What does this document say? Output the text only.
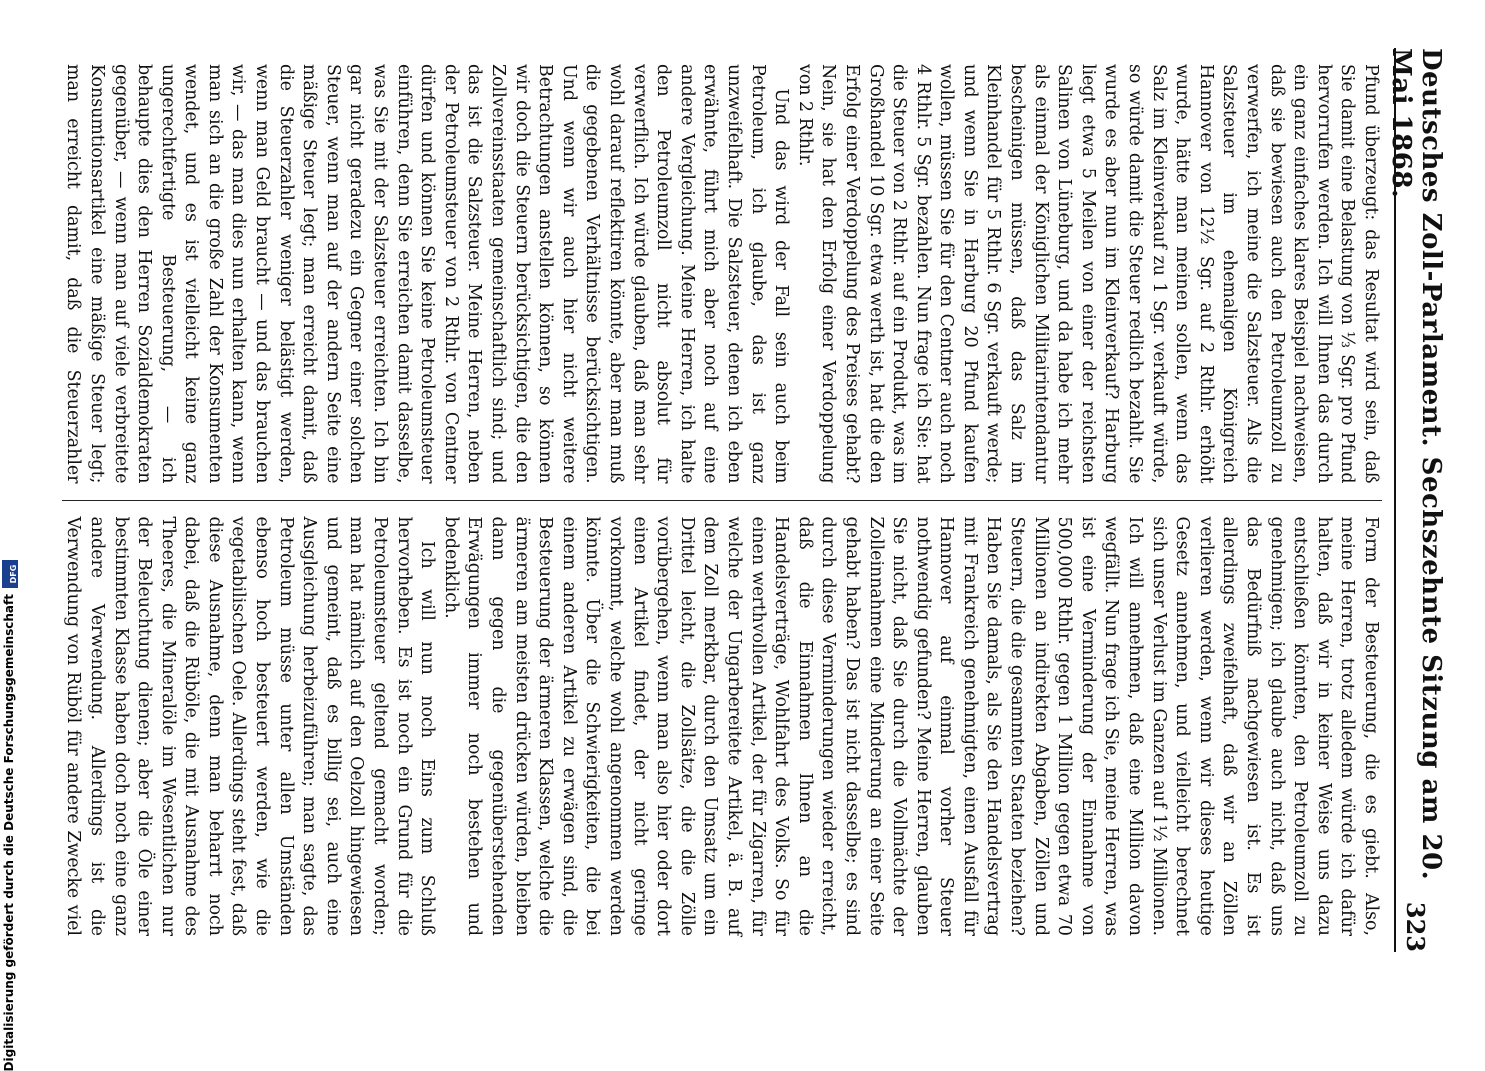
Deutsches Zoll-Parlament. Sechszehnte Sitzung am 20. Mai 1868.
323

Pfund überzeugt: das Resultat wird sein, daß Sie damit eine Belastung von ⅓ Sgr. pro Pfund hervorrufen werden. Ich will Ihnen das durch ein ganz einfaches klares Beispiel nachweisen, daß sie bewiesen auch den Petroleumzoll zu verwerfen, ich meine die Salzsteuer. Als die Salzsteuer im ehemaligen Königreich Hannover von 12½ Sgr. auf 2 Rthlr. erhöht wurde, hätte man meinen sollen, wenn das Salz im Kleinverkauf zu 1 Sgr. verkauft würde, so würde damit die Steuer redlich bezahlt. Sie wurde es aber nun im Kleinverkauf? Harburg liegt etwa 5 Meilen von einer der reichsten Salinen von Lüneburg, und da habe ich mehr als einmal der Königlichen Militairintendantur bescheinigen müssen, daß das Salz im Kleinhandel für 5 Rthlr. 6 Sgr. verkauft werde; und wenn Sie in Harburg 20 Pfund kaufen wollen, müssen Sie für den Centner auch noch 4 Rthlr. 5 Sgr. bezahlen. Nun frage ich Sie: hat die Steuer von 2 Rthlr. auf ein Produkt, was im Großhandel 10 Sgr. etwa werth ist, hat die den Erfolg einer Verdoppelung des Preises gehabt? Nein, sie hat den Erfolg einer Verdoppelung von 2 Rthlr.

Und das wird der Fall sein auch beim Petroleum, ich glaube, das ist ganz unzweifelhaft. Die Salzsteuer, denen ich eben erwähnte, führt mich aber noch auf eine andere Vergleichung. Meine Herren, ich halte den Petroleumzoll nicht absolut für verwerflich. Ich würde glauben, daß man sehr wohl darauf reflektiren könnte, aber man muß die gegebenen Verhältnisse berücksichtigen. Und wenn wir auch hier nicht weitere Betrachtungen anstellen können, so können wir doch die Steuern berücksichtigen, die den Zollvereinsstaaten gemeinschaftlich sind; und das ist die Salzsteuer. Meine Herren, neben der Petroleumsteuer von 2 Rthlr. von Centner dürfen und können Sie keine Petroleumsteuer einführen, denn Sie erreichen damit dasselbe, was Sie mit der Salzsteuer erreichten. Ich bin gar nicht geradezu ein Gegner einer solchen Steuer, wenn man auf der andern Seite eine mäßige Steuer legt; man erreicht damit, daß die Steuerzahler weniger belästigt werden, wenn man Geld braucht — und das brauchen wir, — das man dies nun erhalten kann, wenn man sich an die große Zahl der Konsumenten wendet, und es ist vielleicht keine ganz ungerechtfertigte Besteuerung, — ich behaupte dies den Herren Sozialdemokraten gegenüber, — wenn man auf viele verbreitete Konsumtionsartikel eine mäßige Steuer legt; man erreicht damit, daß die Steuerzahler

Form der Besteuerung, die es giebt. Also, meine Herren, trotz alledem würde ich dafür halten, daß wir in keiner Weise uns dazu entschließen könnten, den Petroleumzoll zu genehmigen; ich glaube auch nicht, daß uns das Bedürfniß nachgewiesen ist. Es ist allerdings zweifelhaft, daß wir an Zöllen verlieren werden, wenn wir dieses heutige Gesetz annehmen, und vielleicht berechnet sich unser Verlust im Ganzen auf 1½ Millionen. Ich will annehmen, daß eine Million davon wegfällt. Nun frage ich Sie, meine Herren, was ist eine Verminderung der Einnahme von 500,000 Rthlr. gegen 1 Million gegen etwa 70 Millionen an indirekten Abgaben, Zöllen und Steuern, die die gesammten Staaten beziehen? Haben Sie damals, als Sie den Handelsvertrag mit Frankreich genehmigten, einen Ausfall für Hannover auf einmal vorher Steuer nothwendig gefunden? Meine Herren, glauben Sie nicht, daß Sie durch die Vollmächte der Zolleinnahmen eine Minderung an einer Seite gehabt haben? Das ist nicht dasselbe; es sind durch diese Verminderungen wieder erreicht, daß die Einnahmen Ihnen an die Handelsverträge, Wohlfahrt des Volks. So für einen werthvollen Artikel, der für Zigarren, für welche der Ungarbereitete Artikel, ä. B. auf dem Zoll merkbar, durch den Umsatz um ein Drittel leicht, die Zollsätze, die die Zölle vorübergehen, wenn man also hier oder dort einen Artikel findet, der nicht geringe vorkommt, welche wohl angenommen werden könnte. Über die Schwierigkeiten, die bei einem anderen Artikel zu erwägen sind, die Besteuerung der ärmeren Klassen, welche die ärmeren am meisten drücken würden, bleiben dann gegen die gegenüberstehenden Erwägungen immer noch bestehen und bedenklich.

Ich will nun noch Eins zum Schluß hervorheben. Es ist noch ein Grund für die Petroleumsteuer geltend gemacht worden; man hat nämlich auf den Oelzoll hingewiesen und gemeint, daß es billig sei, auch eine Ausgleichung herbeizuführen; man sagte, das Petroleum müsse unter allen Umständen ebenso hoch besteuert werden, wie die vegetabilischen Oele. Allerdings steht fest, daß diese Ausnahme, denn man beharrt noch dabei, daß die Rüböle, die mit Ausnahme des Theeres, die Mineralöle im Wesentlichen nur der Beleuchtung dienen; aber die Öle einer bestimmten Klasse haben doch noch eine ganz andere Verwendung. Allerdings ist die Verwendung von Rüböl für andere Zwecke viel

DFG
Digitalisierung gefördert durch die Deutsche Forschungsgemeinschaft
